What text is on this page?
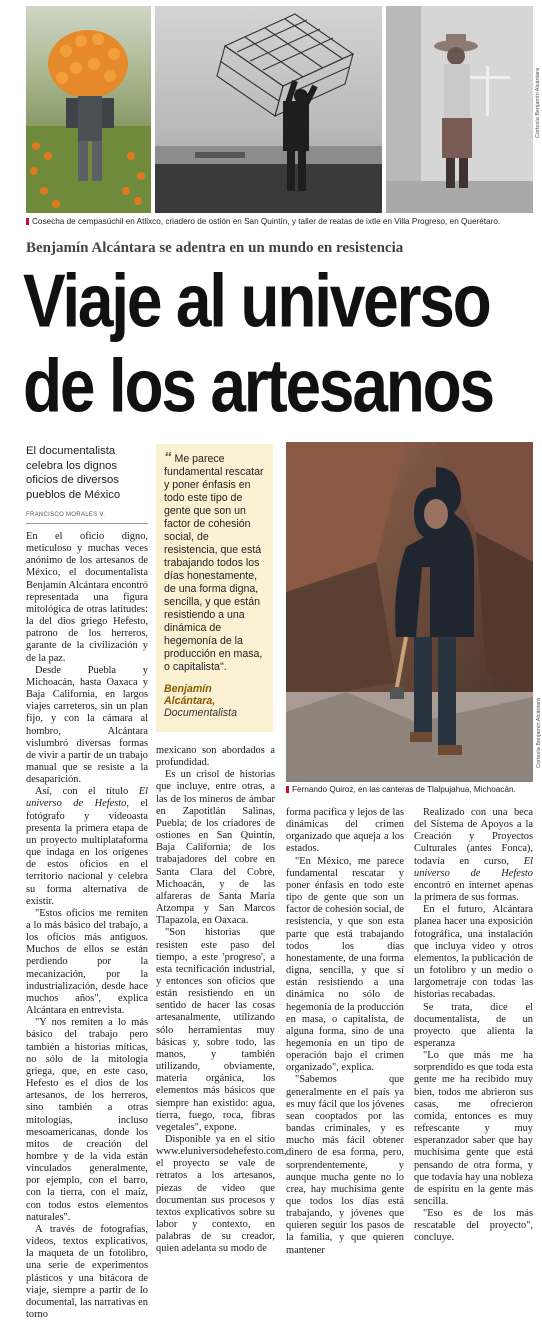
Cortesía Benjamín Alcántara
Cosecha de cempasúchil en Atlixco, criadero de ostión en San Quintín, y taller de reatas de ixtle en Villa Progreso, en Querétaro.
Benjamín Alcántara se adentra en un mundo en resistencia
Viaje al universo
de los artesanos
El documentalista celebra los dignos oficios de diversos pueblos de México
FRANCISCO MORALES V.
“ Me parece fundamental rescatar y poner énfasis en todo este tipo de gente que son un factor de cohesión social, de resistencia, que está trabajando todos los días honestamente, de una forma digna, sencilla, y que están resistiendo a una dinámica de hegemonía de la producción en masa, o capitalista".
Benjamín Alcántara,
Documentalista	Cortesía Benjamín Alcántara
Fernando Quiroz, en las canteras de Tlalpujahua, Michoacán.

En el oficio digno, meticuloso y muchas veces anónimo de los artesanos de México, el documentalista Benjamín Alcántara encontró representada una figura mitológica de otras latitudes: la del dios griego Hefesto, patrono de los herreros, garante de la civilización y de la paz.

Desde Puebla y Michoacán, hasta Oaxaca y Baja California, en largos viajes carreteros, sin un plan fijo, y con la cámara al hombro, Alcántara vislumbró diversas formas de vivir a partir de un trabajo manual que se resiste a la desaparición.

Así, con el título El universo de Hefesto, el fotógrafo y videoasta presenta la primera etapa de un proyecto multiplataforma que indaga en los orígenes de estos oficios en el territorio nacional y celebra su forma alternativa de existir.

"Estos oficios me remiten a lo más básico del trabajo, a los oficios más antiguos. Muchos de ellos se están perdiendo por la mecanización, por la industrialización, desde hace muchos años", explica Alcántara en entrevista.

"Y nos remiten a lo más básico del trabajo pero también a historias míticas, no sólo de la mitología griega, que, en este caso, Hefesto es el dios de los artesanos, de los herreros, sino también a otras mitologías, incluso mesoamericanas, donde los mitos de creación del hombre y de la vida están vinculados generalmente, por ejemplo, con el barro, con la tierra, con el maíz, con todos estos elementos naturales".

A través de fotografías, videos, textos explicativos, la maqueta de un fotolibro, una serie de experimentos plásticos y una bitácora de viaje, siempre a partir de lo documental, las narrativas en torno

mexicano son abordados a profundidad.

Es un crisol de historias que incluye, entre otras, a las de los mineros de ámbar en Zapotitlán Salinas, Puebla; de los criadores de ostiones en San Quintín, Baja California; de los trabajadores del cobre en Santa Clara del Cobre, Michoacán, y de las alfareras de Santa María Atzompa y San Marcos Tlapazola, en Oaxaca.

"Son historias que resisten este paso del tiempo, a este 'progreso', a esta tecnificación industrial, y entonces son oficios que están resistiendo en un sentido de hacer las cosas artesanalmente, utilizando sólo herramientas muy básicas y, sobre todo, las manos, y también utilizando, obviamente, materia orgánica, los elementos más básicos que siempre han existido: agua, tierra, fuego, roca, fibras vegetales", expone.

Disponible ya en el sitio www.eluniversodehefesto.com, el proyecto se vale de retratos a los artesanos, piezas de video que documentan sus procesos y textos explicativos sobre su labor y contexto, en palabras de su creador, quien adelanta su modo de

forma pacífica y lejos de las dinámicas del crimen organizado que aqueja a los estados.

"En México, me parece fundamental rescatar y poner énfasis en todo este tipo de gente que son un factor de cohesión social, de resistencia, y que son esta parte que está trabajando todos los días honestamente, de una forma digna, sencilla, y que sí están resistiendo a una dinámica no sólo de hegemonía de la producción en masa, o capitalista, de alguna forma, sino de una hegemonía en un tipo de operación bajo el crimen organizado", explica.

"Sabemos que generalmente en el país ya es muy fácil que los jóvenes sean cooptados por las bandas criminales, y es mucho más fácil obtener dinero de esa forma, pero, sorprendentemente, y aunque mucha gente no lo crea, hay muchísima gente que todos los días está trabajando, y jóvenes que quieren seguir los pasos de la familia, y que quieren mantener

Realizado con una beca del Sistema de Apoyos a la Creación y Proyectos Culturales (antes Fonca), todavía en curso, El universo de Hefesto encontró en internet apenas la primera de sus formas.

En el futuro, Alcántara planea hacer una exposición fotográfica, una instalación que incluya video y otros elementos, la publicación de un fotolibro y un medio o largometraje con todas las historias recabadas.

Se trata, dice el documentalista, de un proyecto que alienta la esperanza

"Lo que más me ha sorprendido es que toda esta gente me ha recibido muy bien, todos me abrieron sus casas, me ofrecieron comida, entonces es muy refrescante y muy esperanzador saber que hay muchísima gente que está pensando de otra forma, y que todavía hay una nobleza de espíritu en la gente más sencilla.

"Eso es de los más rescatable del proyecto", concluye.
